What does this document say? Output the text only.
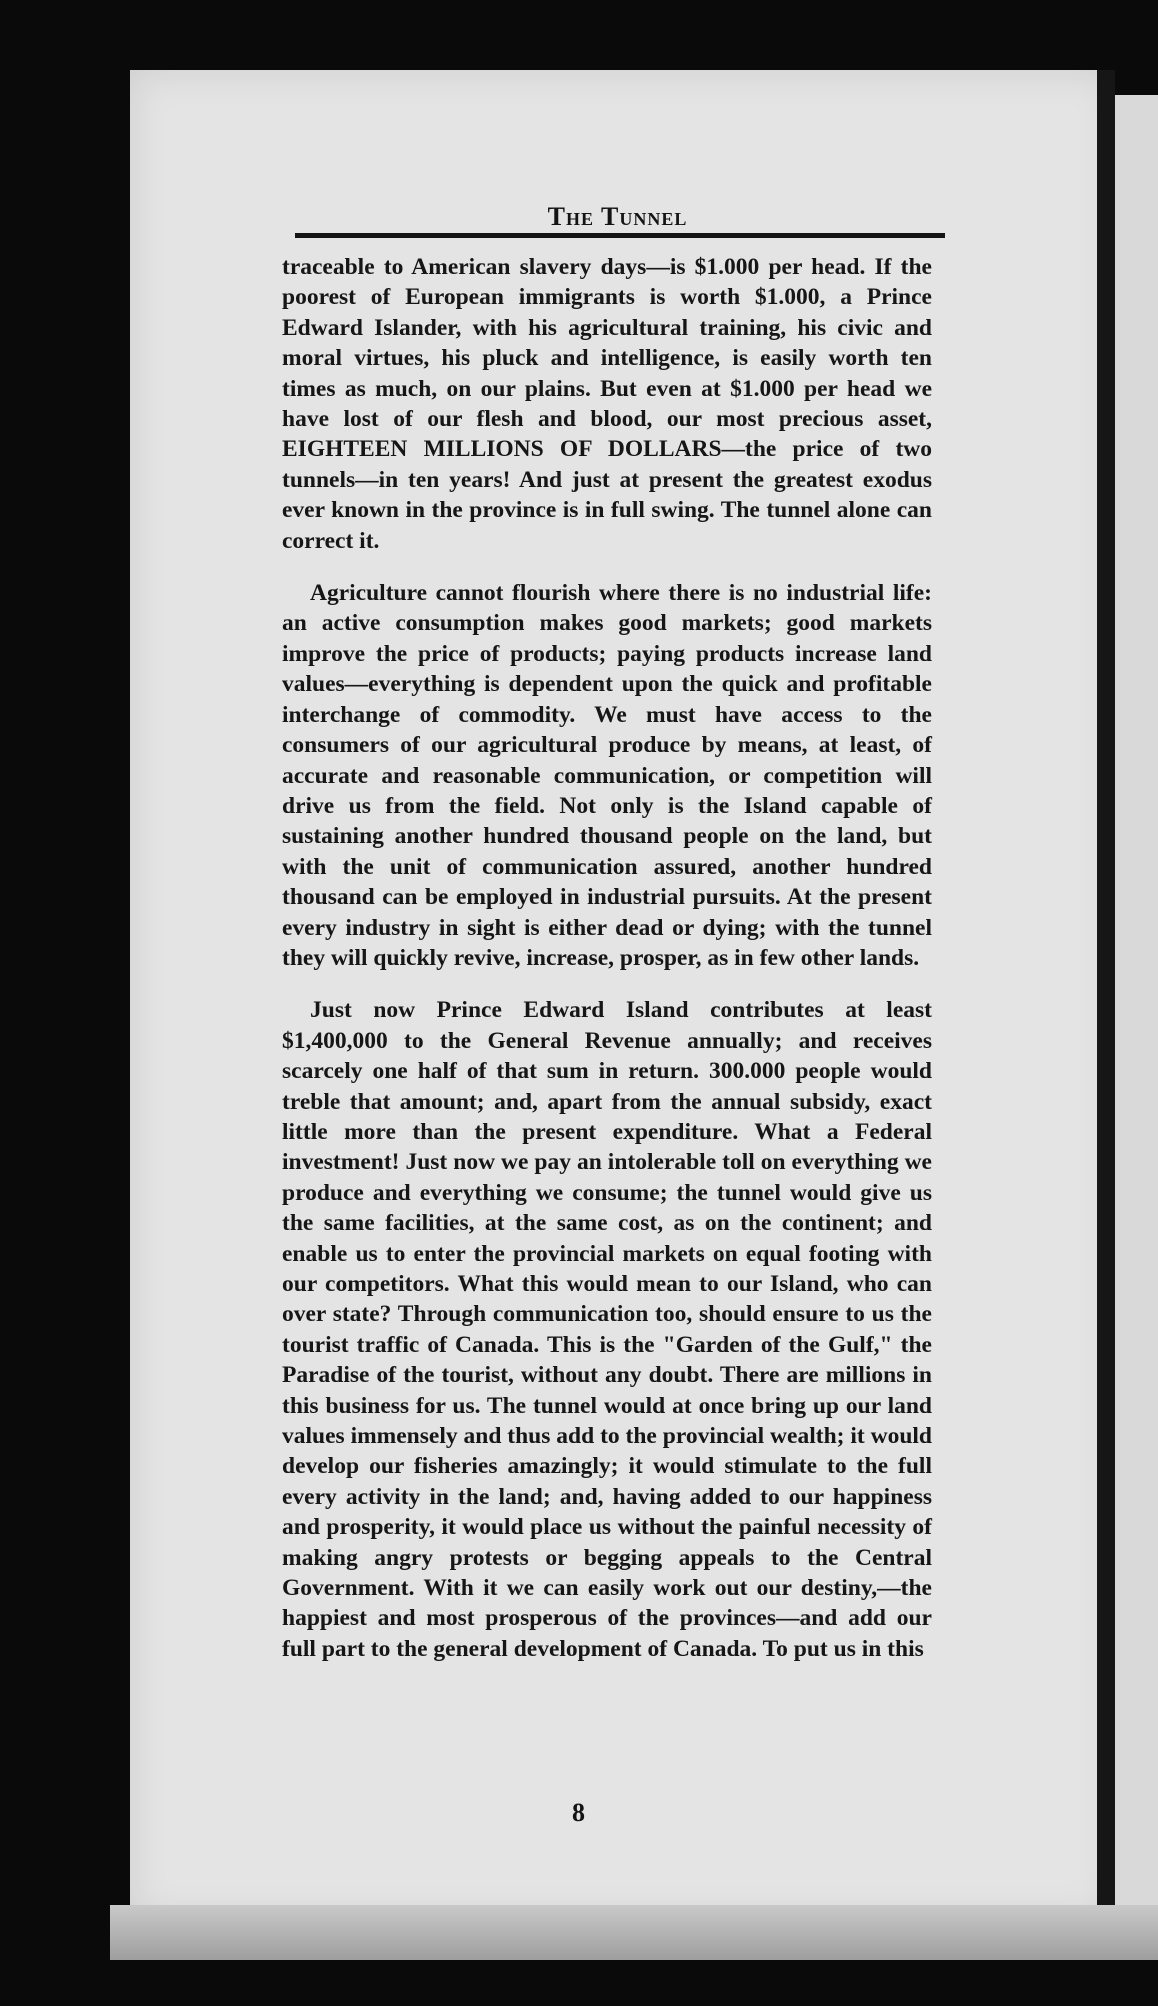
The Tunnel

traceable to American slavery days—is $1.000 per head. If the poorest of European immigrants is worth $1.000, a Prince Edward Islander, with his agricultural training, his civic and moral virtues, his pluck and intelligence, is easily worth ten times as much, on our plains. But even at $1.000 per head we have lost of our flesh and blood, our most precious asset, EIGHTEEN MILLIONS OF DOLLARS—the price of two tunnels—in ten years! And just at present the greatest exodus ever known in the province is in full swing. The tunnel alone can correct it.

Agriculture cannot flourish where there is no industrial life: an active consumption makes good markets; good markets improve the price of products; paying products increase land values—everything is dependent upon the quick and profitable interchange of commodity. We must have access to the consumers of our agricultural produce by means, at least, of accurate and reasonable communication, or competition will drive us from the field. Not only is the Island capable of sustaining another hundred thousand people on the land, but with the unit of communication assured, another hundred thousand can be employed in industrial pursuits. At the present every industry in sight is either dead or dying; with the tunnel they will quickly revive, increase, prosper, as in few other lands.

Just now Prince Edward Island contributes at least $1,400,000 to the General Revenue annually; and receives scarcely one half of that sum in return. 300.000 people would treble that amount; and, apart from the annual subsidy, exact little more than the present expenditure. What a Federal investment! Just now we pay an intolerable toll on everything we produce and everything we consume; the tunnel would give us the same facilities, at the same cost, as on the continent; and enable us to enter the provincial markets on equal footing with our competitors. What this would mean to our Island, who can over state? Through communication too, should ensure to us the tourist traffic of Canada. This is the "Garden of the Gulf," the Paradise of the tourist, without any doubt. There are millions in this business for us. The tunnel would at once bring up our land values immensely and thus add to the provincial wealth; it would develop our fisheries amazingly; it would stimulate to the full every activity in the land; and, having added to our happiness and prosperity, it would place us without the painful necessity of making angry protests or begging appeals to the Central Government. With it we can easily work out our destiny,—the happiest and most prosperous of the provinces—and add our full part to the general development of Canada. To put us in this

8
